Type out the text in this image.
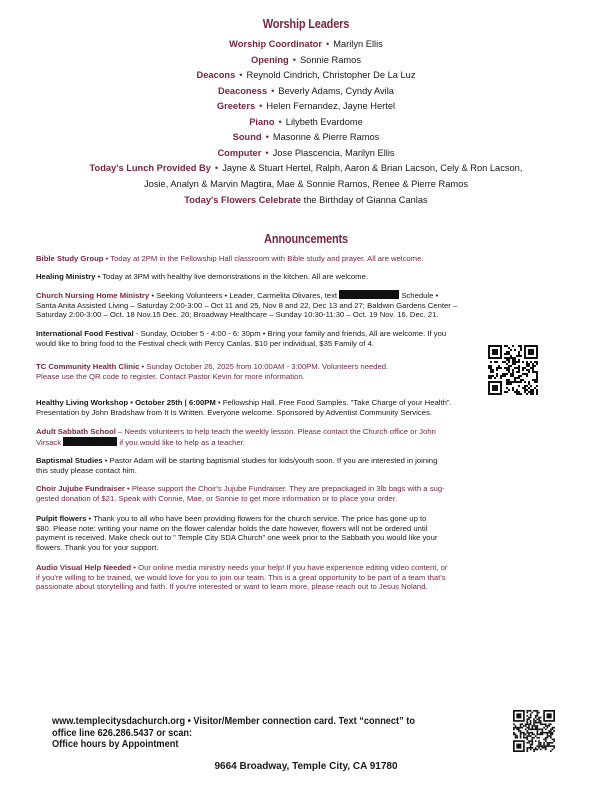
Worship Leaders
Worship Coordinator • Marilyn Ellis
Opening • Sonnie Ramos
Deacons • Reynold Cindrich, Christopher De La Luz
Deaconess • Beverly Adams, Cyndy Avila
Greeters • Helen Fernandez, Jayne Hertel
Piano • Lilybeth Evardome
Sound • Masonne & Pierre Ramos
Computer • Jose Plascencia, Marilyn Ellis
Today's Lunch Provided By • Jayne & Stuart Hertel, Ralph, Aaron & Brian Lacson, Cely & Ron Lacson,
Josie, Analyn & Marvin Magtira, Mae & Sonnie Ramos, Renee & Pierre Ramos
Today's Flowers Celebrate the Birthday of Gianna Canlas
Announcements
Bible Study Group • Today at 2PM in the Fellowship Hall classroom with Bible study and prayer. All are welcome.
Healing Ministry • Today at 3PM with healthy live demonstrations in the kitchen. All are welcome.
Church Nursing Home Ministry • Seeking Volunteers • Leader, Carmelita Olivares, text	Schedule •
Santa Anita Assisted Living – Saturday 2:00-3:00 – Oct 11 and 25, Nov 8 and 22, Dec 13 and 27; Baldwin Gardens Center –
Saturday 2:00-3:00 – Oct. 18 Nov.15 Dec. 20; Broadway Healthcare – Sunday 10:30-11:30 – Oct. 19 Nov. 16. Dec. 21.
International Food Festival - Sunday, October 5 - 4:00 - 6: 30pm • Bring your family and friends, All are welcome. If you
would like to bring food to the Festival check with Percy Canlas. $10 per individual, $35 Family of 4.
TC Community Health Clinic • Sunday October 26, 2025 from 10:00AM - 3:00PM. Volunteers needed.
Please use the QR code to register. Contact Pastor Kevin for more information.
Healthy Living Workshop • October 25th | 6:00PM • Fellowship Hall. Free Food Samples. "Take Charge of your Health".
Presentation by John Bradshaw from It Is Written. Everyone welcome. Sponsored by Adventist Community Services.
Adult Sabbath School – Needs volunteers to help teach the weekly lesson. Please contact the Church office or John
Virsack	if you would like to help as a teacher.
Baptismal Studies • Pastor Adam will be starting baptismal studies for kids/youth soon. If you are interested in joining
this study please contact him.
Choir Jujube Fundraiser • Please support the Choir's Jujube Fundraiser. They are prepackaged in 3lb bags with a sug-
gested donation of $21. Speak with Connie, Mae, or Sonnie to get more information or to place your order.
Pulpit flowers • Thank you to all who have been providing flowers for the church service. The price has gone up to
$80. Please note: writing your name on the flower calendar holds the date however, flowers will not be ordered until
payment is received. Make check out to " Temple City SDA Church" one week prior to the Sabbath you would like your
flowers. Thank you for your support.
Audio Visual Help Needed • Our online media ministry needs your help! If you have experience editing video content, or
if you're willing to be trained, we would love for you to join our team. This is a great opportunity to be part of a team that's
passionate about storytelling and faith. If you're interested or want to learn more, please reach out to Jesus Noland.
www.templecitysdachurch.org • Visitor/Member connection card. Text “connect” to
office line 626.286.5437 or scan:
Office hours by Appointment
9664 Broadway, Temple City, CA 91780
